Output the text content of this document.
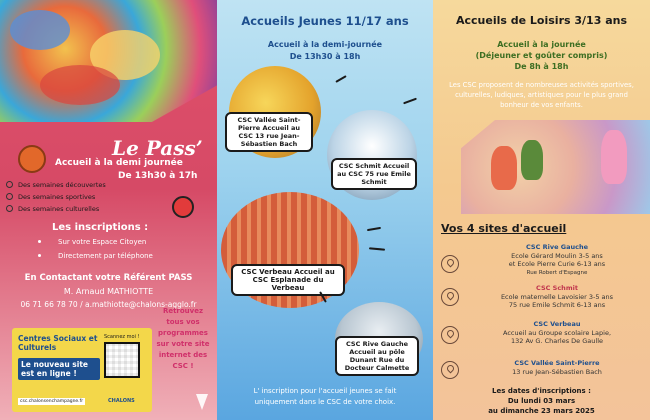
Le Pass’
Accueil à la demi journée
De 13h30 à 17h
Des semaines découvertes
Des semaines sportives
Des semaines culturelles
Les inscriptions :
Sur votre Espace Citoyen
Directement par téléphone
En Contactant votre Référent PASS
M. Arnaud MATHIOTTE
06 71 66 78 70 / a.mathiotte@chalons-agglo.fr
Centres Sociaux et Culturels
Le nouveau site est en ligne !
Scannez moi !
csc.chalonsenchampagne.fr	CHALONS
Retrouvez tous vos programmes sur votre site internet des CSC !
Accueils Jeunes 11/17 ans
Accueil à la demi-journée
De 13h30 à 18h
CSC Vallée Saint-Pierre Accueil au CSC 13 rue Jean-Sébastien Bach
CSC Schmit Accueil au CSC 75 rue Emile Schmit
CSC Verbeau Accueil au CSC Esplanade du Verbeau
CSC Rive Gauche Accueil au pôle Dunant Rue du Docteur Calmette
L' inscription pour l'accueil jeunes se fait uniquement dans le CSC de votre choix.
Accueils de Loisirs 3/13 ans
Accueil à la journée
(Déjeuner et goûter compris)
De 8h à 18h
Les CSC proposent de nombreuses activités sportives, culturelles, ludiques, artistiques pour le plus grand bonheur de vos enfants.
Vos 4 sites d'accueil
CSC Rive Gauche
Ecole Gérard Moulin 3-5 ans
et Ecole Pierre Curie 6-13 ans
Rue Robert d'Espagne
CSC Schmit
Ecole maternelle Lavoisier 3-5 ans
75 rue Emile Schmit 6-13 ans
CSC Verbeau
Accueil au Groupe scolaire Lapie,
132 Av G. Charles De Gaulle
CSC Vallée Saint-Pierre
13 rue Jean-Sébastien Bach
Les dates d'inscriptions :
Du lundi 03 mars
au dimanche 23 mars 2025
